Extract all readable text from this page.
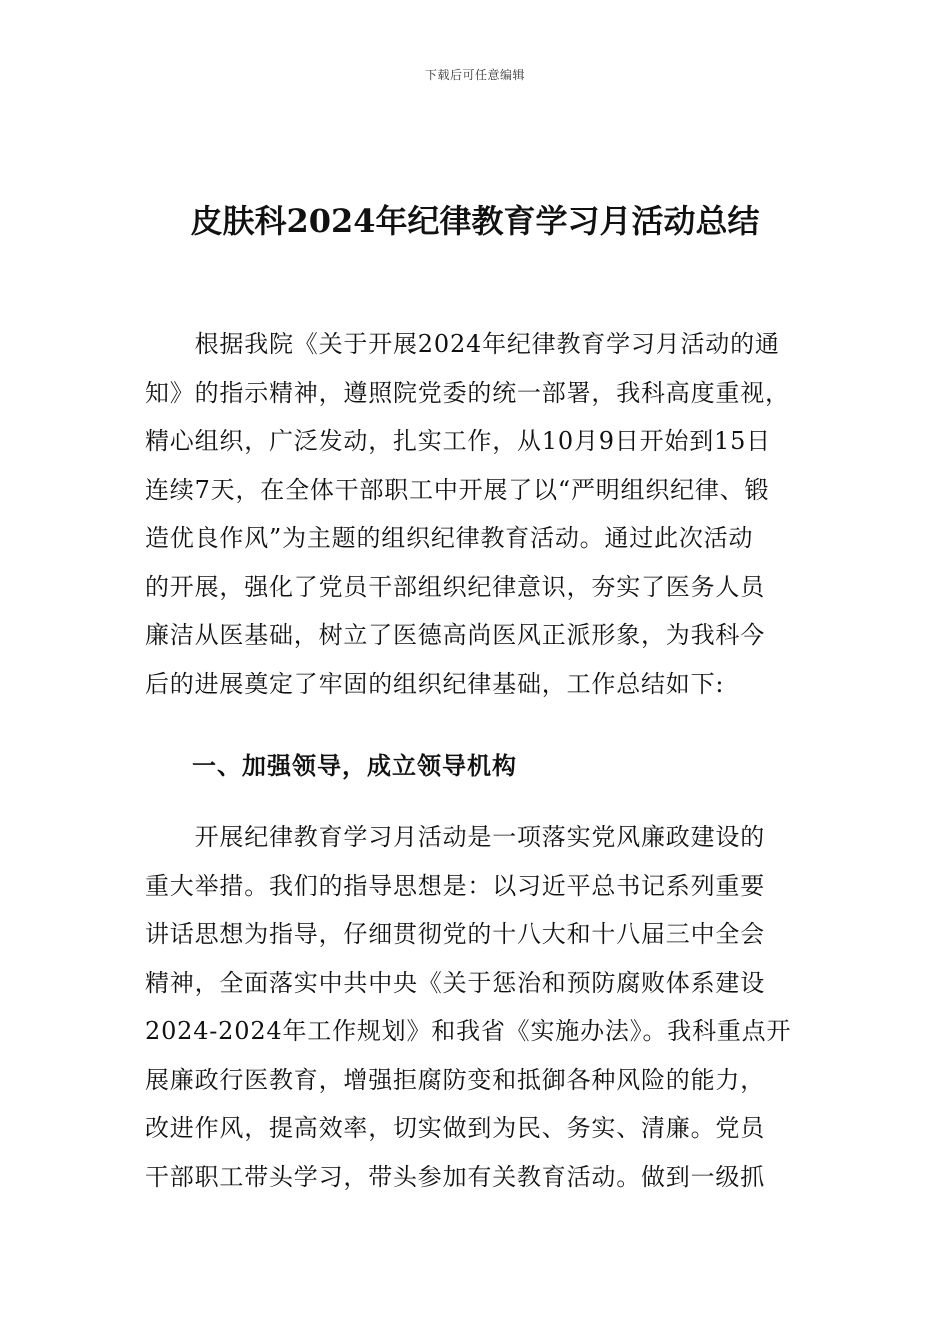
下载后可任意编辑
皮肤科2024年纪律教育学习月活动总结
　　根据我院《关于开展2024年纪律教育学习月活动的通
知》的指示精神，遵照院党委的统一部署，我科高度重视，
精心组织，广泛发动，扎实工作，从10月9日开始到15日
连续7天，在全体干部职工中开展了以“严明组织纪律、锻
造优良作风”为主题的组织纪律教育活动。通过此次活动
的开展，强化了党员干部组织纪律意识，夯实了医务人员
廉洁从医基础，树立了医德高尚医风正派形象，为我科今
后的进展奠定了牢固的组织纪律基础，工作总结如下:
一、加强领导，成立领导机构
　　开展纪律教育学习月活动是一项落实党风廉政建设的
重大举措。我们的指导思想是：以习近平总书记系列重要
讲话思想为指导，仔细贯彻党的十八大和十八届三中全会
精神，全面落实中共中央《关于惩治和预防腐败体系建设
2024-2024年工作规划》和我省《实施办法》。我科重点开
展廉政行医教育，增强拒腐防变和抵御各种风险的能力，
改进作风，提高效率，切实做到为民、务实、清廉。党员
干部职工带头学习，带头参加有关教育活动。做到一级抓
